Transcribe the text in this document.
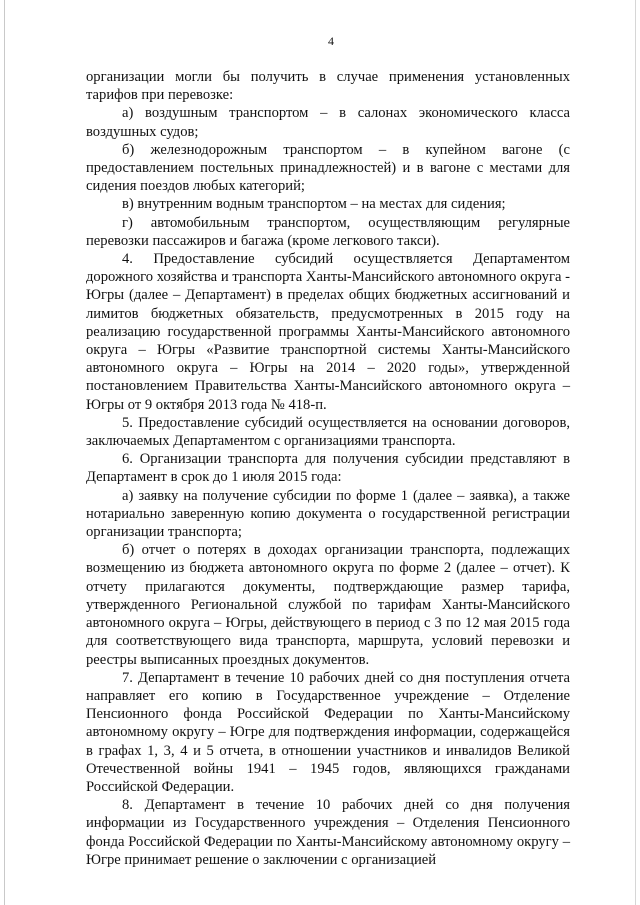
4

организации могли бы получить в случае применения установленных тарифов при перевозке:

а) воздушным транспортом – в салонах экономического класса воздушных судов;

б) железнодорожным транспортом – в купейном вагоне (с предоставлением постельных принадлежностей) и в вагоне с местами для сидения поездов любых категорий;

в) внутренним водным транспортом – на местах для сидения;

г) автомобильным транспортом, осуществляющим регулярные перевозки пассажиров и багажа (кроме легкового такси).

4. Предоставление субсидий осуществляется Департаментом дорожного хозяйства и транспорта Ханты-Мансийского автономного округа - Югры (далее – Департамент) в пределах общих бюджетных ассигнований и лимитов бюджетных обязательств, предусмотренных в 2015 году на реализацию государственной программы Ханты-Мансийского автономного округа – Югры «Развитие транспортной системы Ханты-Мансийского автономного округа – Югры на 2014 – 2020 годы», утвержденной постановлением Правительства Ханты-Мансийского автономного округа – Югры от 9 октября 2013 года № 418-п.

5. Предоставление субсидий осуществляется на основании договоров, заключаемых Департаментом с организациями транспорта.

6. Организации транспорта для получения субсидии представляют в Департамент в срок до 1 июля 2015 года:

а) заявку на получение субсидии по форме 1 (далее – заявка), а также нотариально заверенную копию документа о государственной регистрации организации транспорта;

б) отчет о потерях в доходах организации транспорта, подлежащих возмещению из бюджета автономного округа по форме 2 (далее – отчет). К отчету прилагаются документы, подтверждающие размер тарифа, утвержденного Региональной службой по тарифам Ханты-Мансийского автономного округа – Югры, действующего в период с 3 по 12 мая 2015 года для соответствующего вида транспорта, маршрута, условий перевозки и реестры выписанных проездных документов.

7. Департамент в течение 10 рабочих дней со дня поступления отчета направляет его копию в Государственное учреждение – Отделение Пенсионного фонда Российской Федерации по Ханты-Мансийскому автономному округу – Югре для подтверждения информации, содержащейся в графах 1, 3, 4 и 5 отчета, в отношении участников и инвалидов Великой Отечественной войны 1941 – 1945 годов, являющихся гражданами Российской Федерации.

8. Департамент в течение 10 рабочих дней со дня получения информации из Государственного учреждения – Отделения Пенсионного фонда Российской Федерации по Ханты-Мансийскому автономному округу – Югре принимает решение о заключении с организацией
